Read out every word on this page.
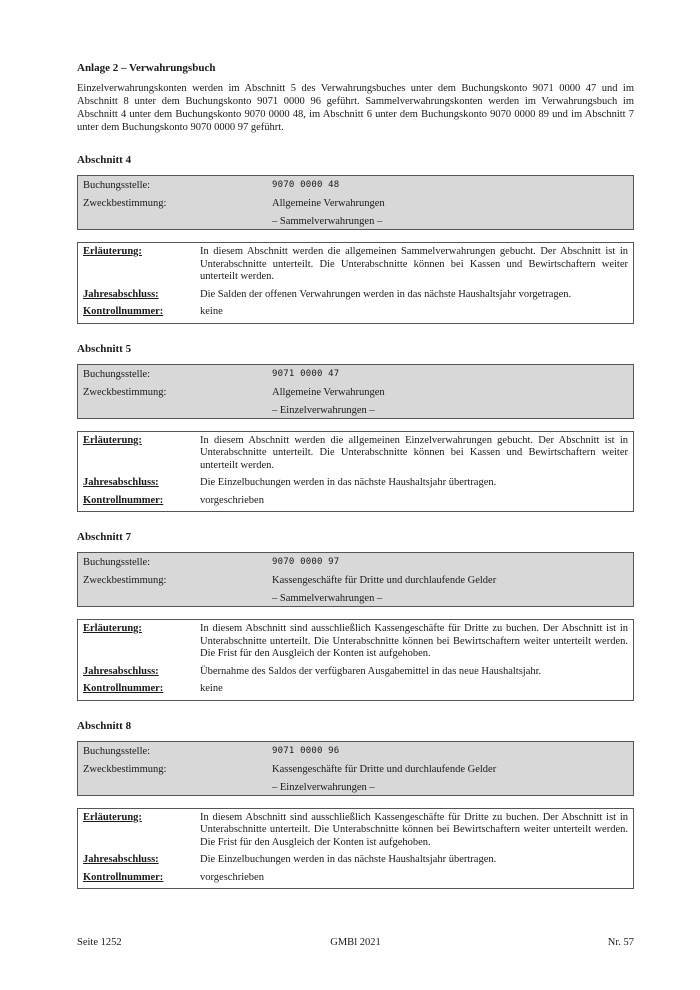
Anlage 2 – Verwahrungsbuch
Einzelverwahrungskonten werden im Abschnitt 5 des Verwahrungsbuches unter dem Buchungskonto 9071 0000 47 und im Abschnitt 8 unter dem Buchungskonto 9071 0000 96 geführt. Sammelverwahrungskonten werden im Verwahrungsbuch im Abschnitt 4 unter dem Buchungskonto 9070 0000 48, im Abschnitt 6 unter dem Buchungskonto 9070 0000 89 und im Abschnitt 7 unter dem Buchungskonto 9070 0000 97 geführt.
Abschnitt 4
Buchungsstelle:	9070 0000 48
Zweckbestimmung:	Allgemeine Verwahrungen
– Sammelverwahrungen –
Erläuterung:	In diesem Abschnitt werden die allgemeinen Sammelverwahrungen gebucht. Der Abschnitt ist in Unterabschnitte unterteilt. Die Unterabschnitte können bei Kassen und Bewirtschaftern weiter unterteilt werden.
Jahresabschluss:	Die Salden der offenen Verwahrungen werden in das nächste Haushaltsjahr vorgetragen.
Kontrollnummer:	keine
Abschnitt 5
Buchungsstelle:	9071 0000 47
Zweckbestimmung:	Allgemeine Verwahrungen
– Einzelverwahrungen –
Erläuterung:	In diesem Abschnitt werden die allgemeinen Einzelverwahrungen gebucht. Der Abschnitt ist in Unterabschnitte unterteilt. Die Unterabschnitte können bei Kassen und Bewirtschaftern weiter unterteilt werden.
Jahresabschluss:	Die Einzelbuchungen werden in das nächste Haushaltsjahr übertragen.
Kontrollnummer:	vorgeschrieben
Abschnitt 7
Buchungsstelle:	9070 0000 97
Zweckbestimmung:	Kassengeschäfte für Dritte und durchlaufende Gelder
– Sammelverwahrungen –
Erläuterung:	In diesem Abschnitt sind ausschließlich Kassengeschäfte für Dritte zu buchen. Der Abschnitt ist in Unterabschnitte unterteilt. Die Unterabschnitte können bei Bewirtschaftern weiter unterteilt werden. Die Frist für den Ausgleich der Konten ist aufgehoben.
Jahresabschluss:	Übernahme des Saldos der verfügbaren Ausgabemittel in das neue Haushaltsjahr.
Kontrollnummer:	keine
Abschnitt 8
Buchungsstelle:	9071 0000 96
Zweckbestimmung:	Kassengeschäfte für Dritte und durchlaufende Gelder
– Einzelverwahrungen –
Erläuterung:	In diesem Abschnitt sind ausschließlich Kassengeschäfte für Dritte zu buchen. Der Abschnitt ist in Unterabschnitte unterteilt. Die Unterabschnitte können bei Bewirtschaftern weiter unterteilt werden. Die Frist für den Ausgleich der Konten ist aufgehoben.
Jahresabschluss:	Die Einzelbuchungen werden in das nächste Haushaltsjahr übertragen.
Kontrollnummer:	vorgeschrieben
Seite 1252	GMBl 2021	Nr. 57
